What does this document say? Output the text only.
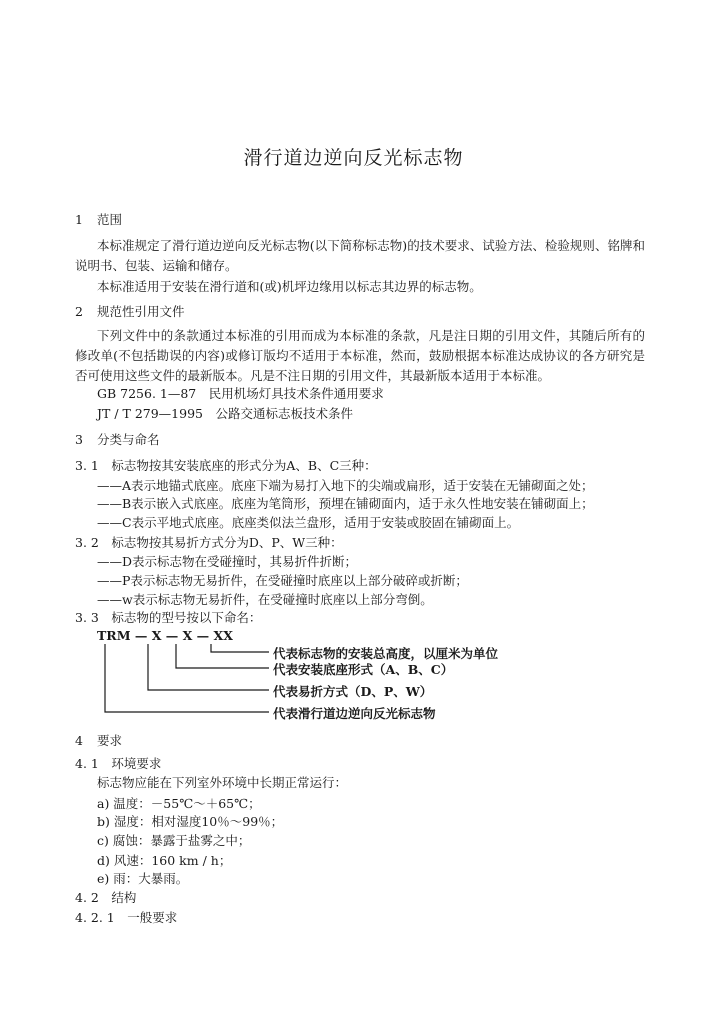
滑行道边逆向反光标志物
1 范围
本标准规定了滑行道边逆向反光标志物(以下简称标志物)的技术要求、试验方法、检验规则、铭牌和说明书、包装、运输和储存。
本标准适用于安装在滑行道和(或)机坪边缘用以标志其边界的标志物。
2 规范性引用文件
下列文件中的条款通过本标准的引用而成为本标准的条款，凡是注日期的引用文件，其随后所有的修改单(不包括勘误的内容)或修订版均不适用于本标准，然而，鼓励根据本标准达成协议的各方研究是否可使用这些文件的最新版本。凡是不注日期的引用文件，其最新版本适用于本标准。
GB 7256. 1—87　民用机场灯具技术条件通用要求
JT / T 279—1995　公路交通标志板技术条件
3 分类与命名
3. 1　标志物按其安装底座的形式分为A、B、C三种：
——A表示地锚式底座。底座下端为易打入地下的尖端或扁形，适于安装在无铺砌面之处；
——B表示嵌入式底座。底座为笔筒形，预埋在铺砌面内，适于永久性地安装在铺砌面上；
——C表示平地式底座。底座类似法兰盘形，适用于安装或胶固在铺砌面上。
3. 2　标志物按其易折方式分为D、P、W三种：
——D表示标志物在受碰撞时，其易折件折断；
——P表示标志物无易折件，在受碰撞时底座以上部分破碎或折断；
——w表示标志物无易折件，在受碰撞时底座以上部分弯倒。
3. 3　标志物的型号按以下命名：
TRM — X — X — XX
代表标志物的安装总高度，以厘米为单位
代表安装底座形式（A、B、C）
代表易折方式（D、P、W）
代表滑行道边逆向反光标志物
4 要求
4. 1　环境要求
标志物应能在下列室外环境中长期正常运行：
a) 温度：－55℃～＋65℃；
b) 湿度：相对湿度10％～99％；
c) 腐蚀：暴露于盐雾之中；
d) 风速：160 km / h；
e) 雨：大暴雨。
4. 2　结构
4. 2. 1　一般要求
